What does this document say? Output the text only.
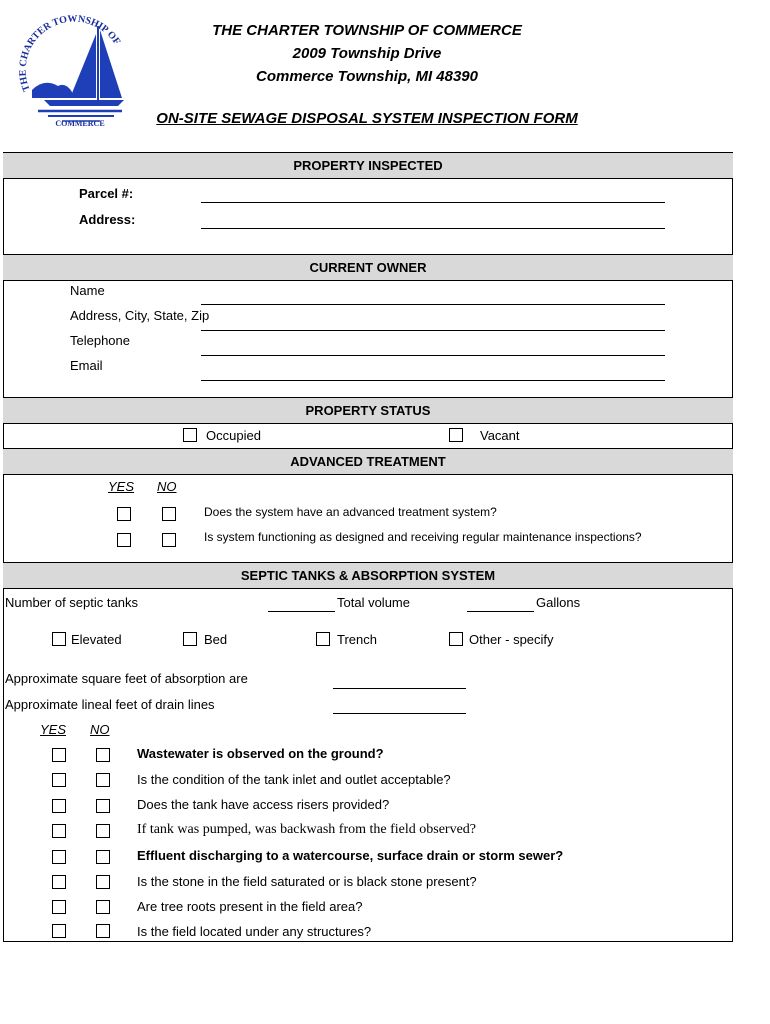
THE CHARTER TOWNSHIP OF
COMMERCE
THE CHARTER TOWNSHIP OF COMMERCE
2009 Township Drive
Commerce Township, MI 48390
ON-SITE SEWAGE DISPOSAL SYSTEM INSPECTION FORM
PROPERTY INSPECTED
Parcel #:
Address:
CURRENT OWNER
Name
Address, City, State, Zip
Telephone
Email
PROPERTY STATUS
Occupied	Vacant
ADVANCED TREATMENT
YES NO
Does the system have an advanced treatment system?
Is system functioning as designed and receiving regular maintenance inspections?
SEPTIC TANKS & ABSORPTION SYSTEM
Number of septic tanks	Total volume	Gallons
Elevated	Bed	Trench	Other - specify
Approximate square feet of absorption are
Approximate lineal feet of drain lines
YES NO
Wastewater is observed on the ground?
Is the condition of the tank inlet and outlet acceptable?
Does the tank have access risers provided?
If tank was pumped, was backwash from the field observed?
Effluent discharging to a watercourse, surface drain or storm sewer?
Is the stone in the field saturated or is black stone present?
Are tree roots present in the field area?
Is the field located under any structures?
